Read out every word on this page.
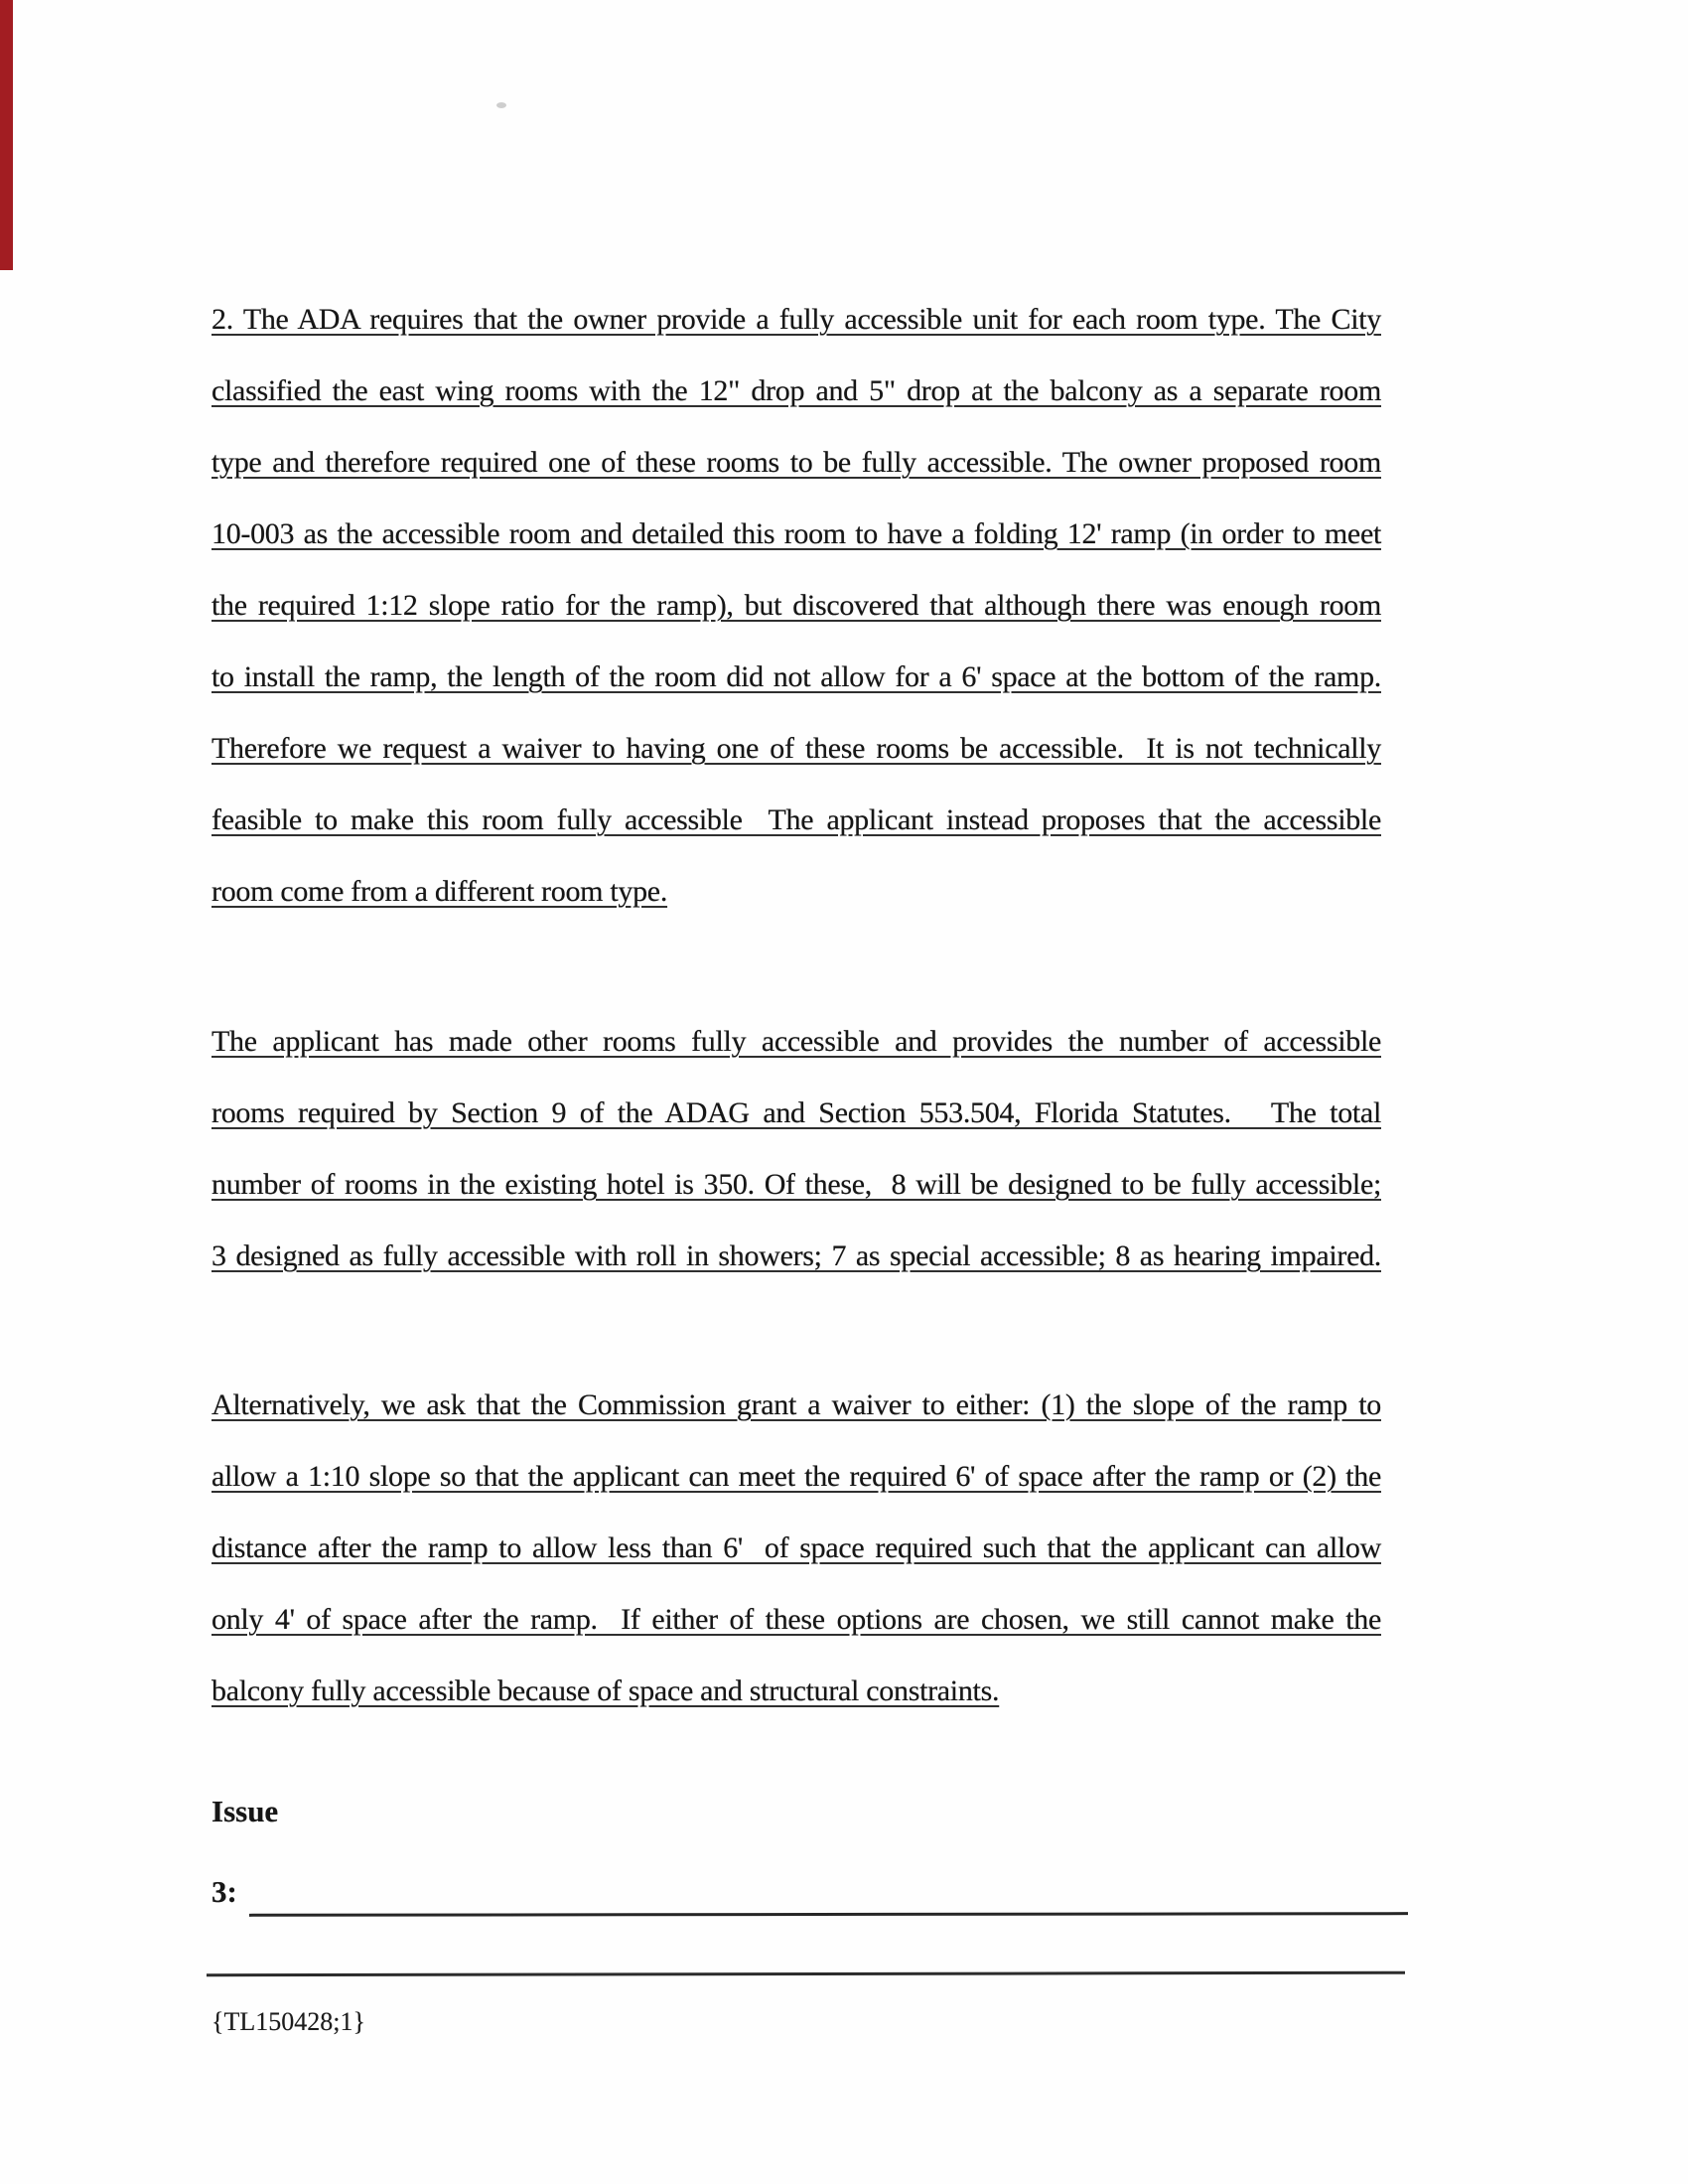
2. The ADA requires that the owner provide a fully accessible unit for each room type. The City
classified the east wing rooms with the 12" drop and 5" drop at the balcony as a separate room
type and therefore required one of these rooms to be fully accessible. The owner proposed room
10-003 as the accessible room and detailed this room to have a folding 12' ramp (in order to meet
the required 1:12 slope ratio for the ramp), but discovered that although there was enough room
to install the ramp, the length of the room did not allow for a 6' space at the bottom of the ramp.
Therefore we request a waiver to having one of these rooms be accessible.  It is not technically
feasible to make this room fully accessible  The applicant instead proposes that the accessible
room come from a different room type.
The applicant has made other rooms fully accessible and provides the number of accessible
rooms required by Section 9 of the ADAG and Section 553.504, Florida Statutes.   The total
number of rooms in the existing hotel is 350. Of these,  8 will be designed to be fully accessible;
3 designed as fully accessible with roll in showers; 7 as special accessible; 8 as hearing impaired.
Alternatively, we ask that the Commission grant a waiver to either: (1) the slope of the ramp to
allow a 1:10 slope so that the applicant can meet the required 6' of space after the ramp or (2) the
distance after the ramp to allow less than 6'  of space required such that the applicant can allow
only 4' of space after the ramp.  If either of these options are chosen, we still cannot make the
balcony fully accessible because of space and structural constraints.
Issue
3:
{TL150428;1}
